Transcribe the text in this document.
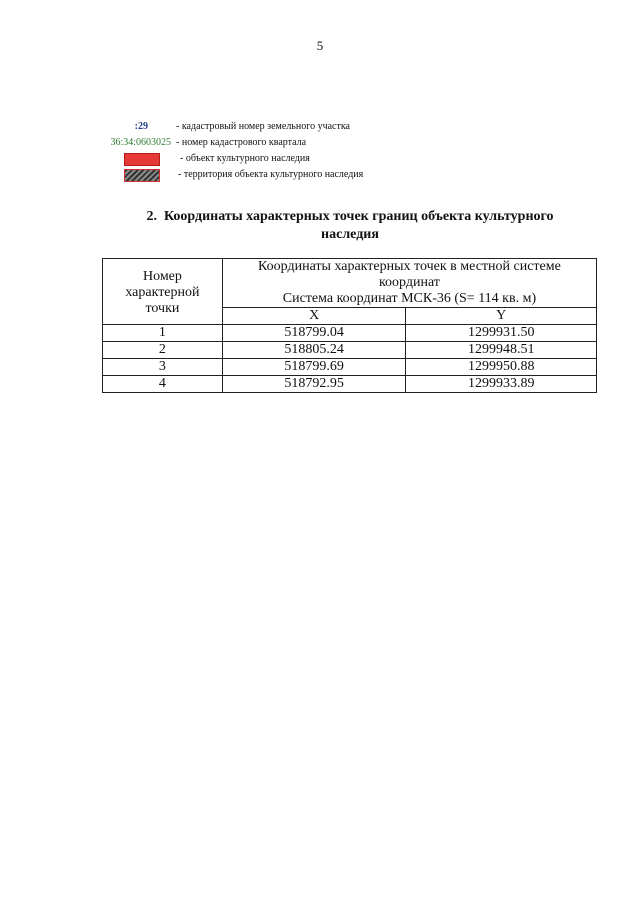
5
:29	- кадастровый номер земельного участка
36:34:0603025 - номер кадастрового квартала
- объект культурного наследия
- территория объекта культурного наследия
2. Координаты характерных точек границ объекта культурного
наследия
Номер характерной точки	Координаты характерных точек в местной системе
координат
Система координат МСК-36 (S= 114 кв. м)	
	X	Y
1	518799.04	1299931.50
2	518805.24	1299948.51
3	518799.69	1299950.88
4	518792.95	1299933.89
